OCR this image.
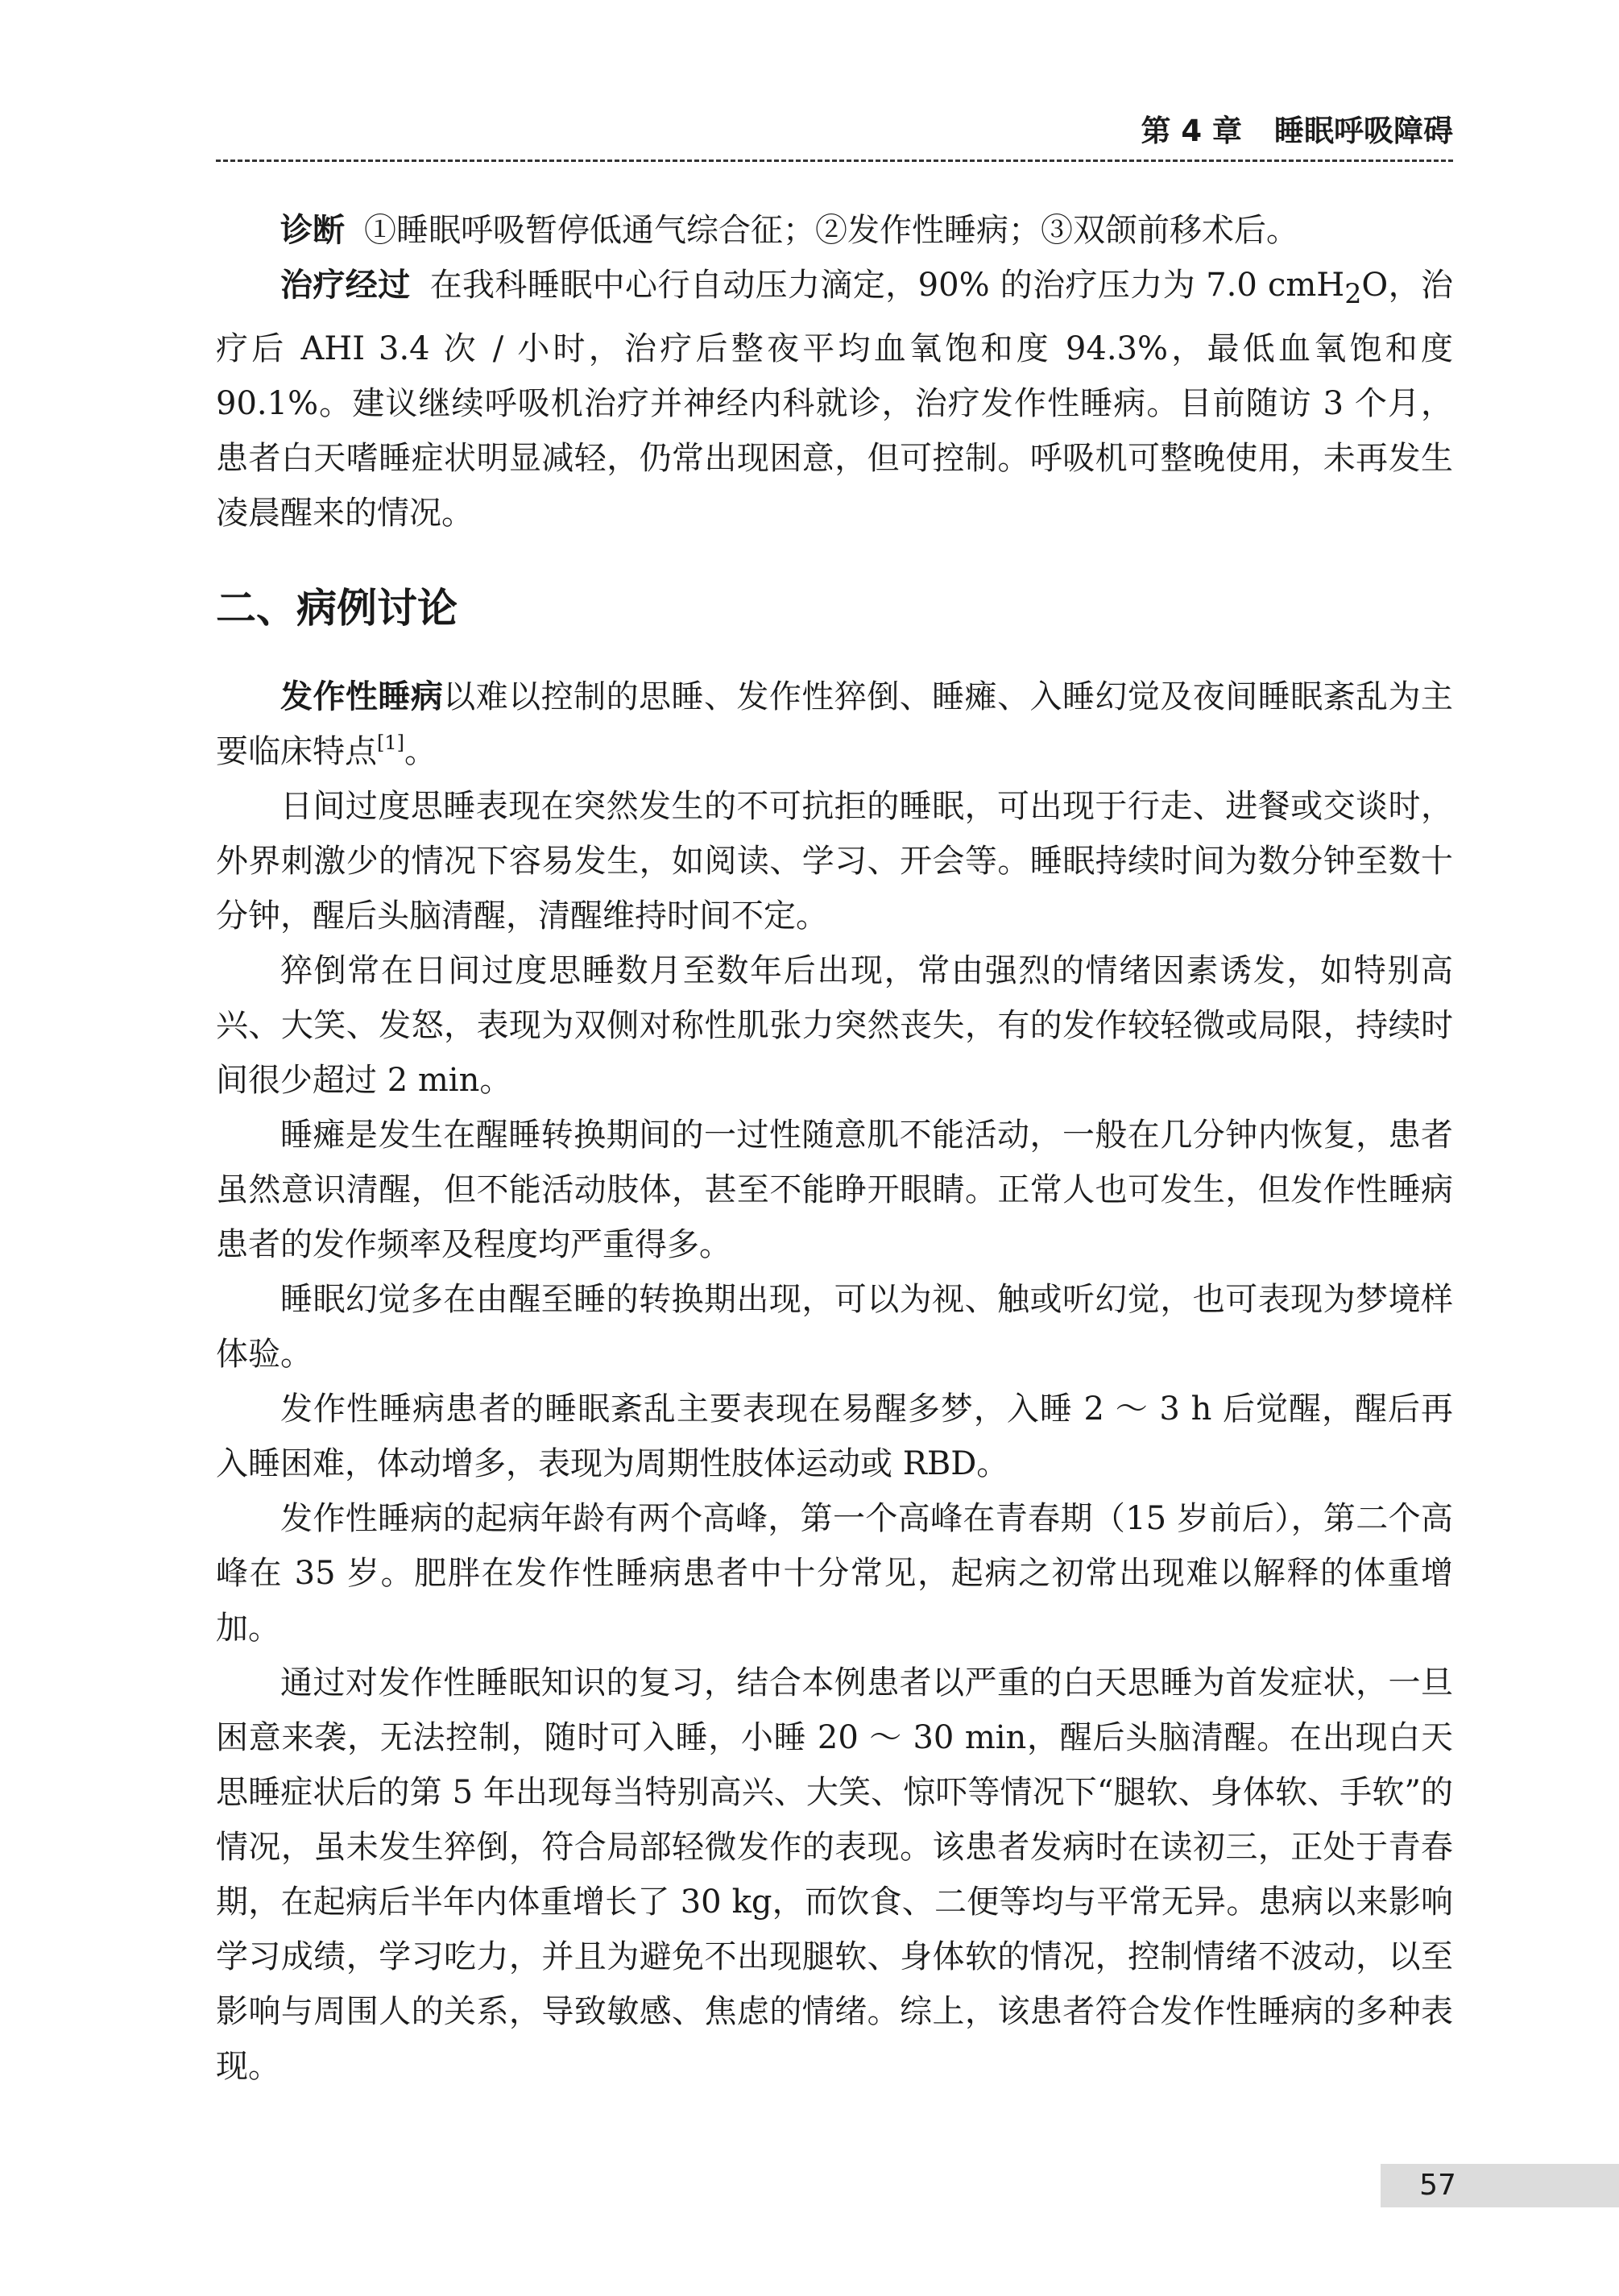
第 4 章 睡眠呼吸障碍

诊断 ①睡眠呼吸暂停低通气综合征；②发作性睡病；③双颌前移术后。

治疗经过 在我科睡眠中心行自动压力滴定，90% 的治疗压力为 7.0 cmH$_2$O，治疗后 AHI 3.4 次 / 小时，治疗后整夜平均血氧饱和度 94.3%，最低血氧饱和度 90.1%。建议继续呼吸机治疗并神经内科就诊，治疗发作性睡病。目前随访 3 个月，患者白天嗜睡症状明显减轻，仍常出现困意，但可控制。呼吸机可整晚使用，未再发生凌晨醒来的情况。

二、病例讨论

发作性睡病以难以控制的思睡、发作性猝倒、睡瘫、入睡幻觉及夜间睡眠紊乱为主要临床特点[1]。

日间过度思睡表现在突然发生的不可抗拒的睡眠，可出现于行走、进餐或交谈时，外界刺激少的情况下容易发生，如阅读、学习、开会等。睡眠持续时间为数分钟至数十分钟，醒后头脑清醒，清醒维持时间不定。

猝倒常在日间过度思睡数月至数年后出现，常由强烈的情绪因素诱发，如特别高兴、大笑、发怒，表现为双侧对称性肌张力突然丧失，有的发作较轻微或局限，持续时间很少超过 2 min。

睡瘫是发生在醒睡转换期间的一过性随意肌不能活动，一般在几分钟内恢复，患者虽然意识清醒，但不能活动肢体，甚至不能睁开眼睛。正常人也可发生，但发作性睡病患者的发作频率及程度均严重得多。

睡眠幻觉多在由醒至睡的转换期出现，可以为视、触或听幻觉，也可表现为梦境样体验。

发作性睡病患者的睡眠紊乱主要表现在易醒多梦，入睡 2 ～ 3 h 后觉醒，醒后再入睡困难，体动增多，表现为周期性肢体运动或 RBD。

发作性睡病的起病年龄有两个高峰，第一个高峰在青春期（15 岁前后），第二个高峰在 35 岁。肥胖在发作性睡病患者中十分常见，起病之初常出现难以解释的体重增加。

通过对发作性睡眠知识的复习，结合本例患者以严重的白天思睡为首发症状，一旦困意来袭，无法控制，随时可入睡，小睡 20 ～ 30 min，醒后头脑清醒。在出现白天思睡症状后的第 5 年出现每当特别高兴、大笑、惊吓等情况下“腿软、身体软、手软”的情况，虽未发生猝倒，符合局部轻微发作的表现。该患者发病时在读初三，正处于青春期，在起病后半年内体重增长了 30 kg，而饮食、二便等均与平常无异。患病以来影响学习成绩，学习吃力，并且为避免不出现腿软、身体软的情况，控制情绪不波动，以至影响与周围人的关系，导致敏感、焦虑的情绪。综上，该患者符合发作性睡病的多种表现。

57
